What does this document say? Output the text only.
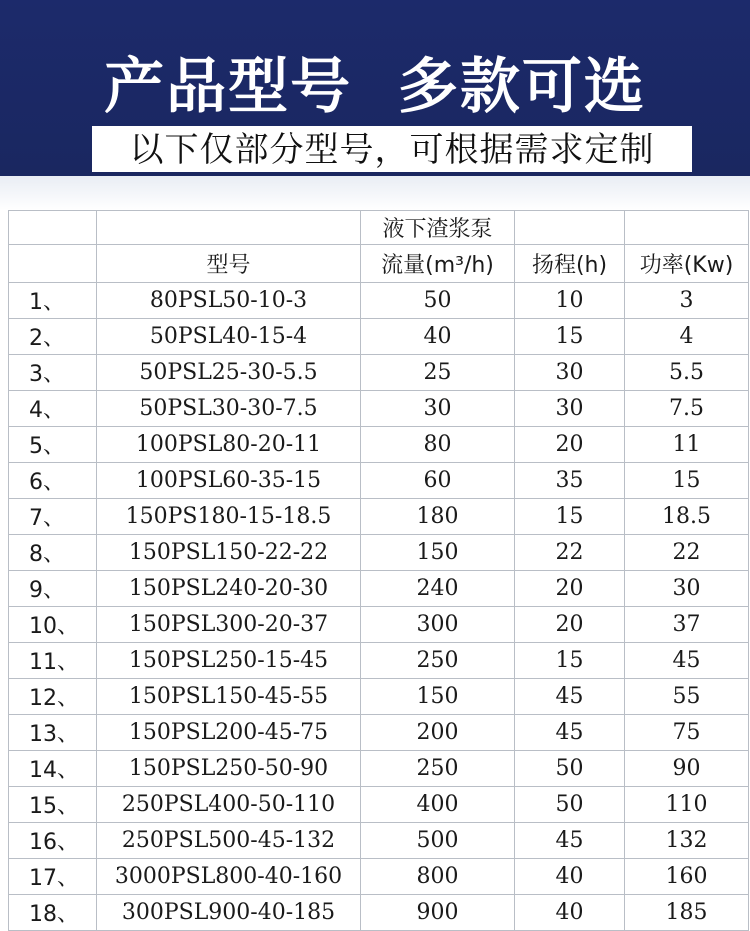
产品型号  多款可选
以下仅部分型号，可根据需求定制
		液下渣浆泵		
	型号	流量(m³/h)	扬程(h)	功率(Kw)
1、	80PSL50-10-3	50	10	3
2、	50PSL40-15-4	40	15	4
3、	50PSL25-30-5.5	25	30	5.5
4、	50PSL30-30-7.5	30	30	7.5
5、	100PSL80-20-11	80	20	11
6、	100PSL60-35-15	60	35	15
7、	150PS180-15-18.5	180	15	18.5
8、	150PSL150-22-22	150	22	22
9、	150PSL240-20-30	240	20	30
10、	150PSL300-20-37	300	20	37
11、	150PSL250-15-45	250	15	45
12、	150PSL150-45-55	150	45	55
13、	150PSL200-45-75	200	45	75
14、	150PSL250-50-90	250	50	90
15、	250PSL400-50-110	400	50	110
16、	250PSL500-45-132	500	45	132
17、	3000PSL800-40-160	800	40	160
18、	300PSL900-40-185	900	40	185
